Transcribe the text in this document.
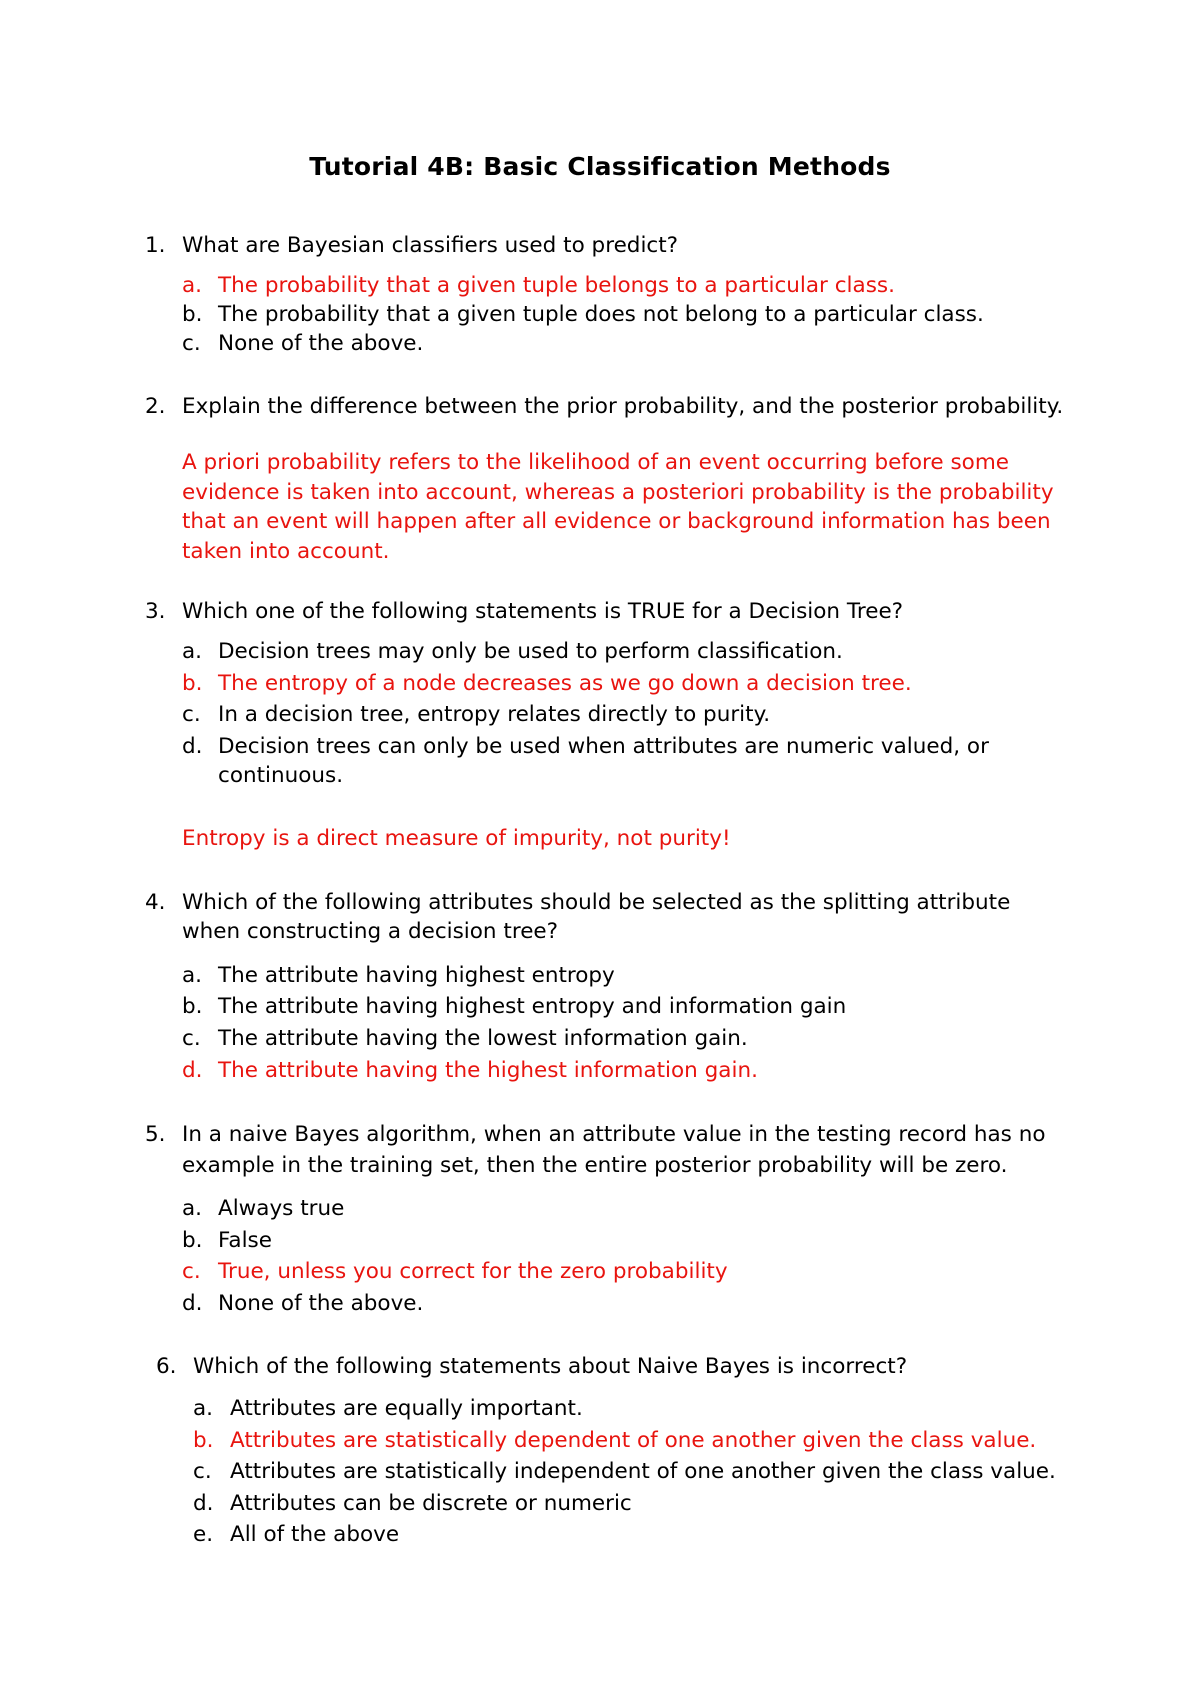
Tutorial 4B: Basic Classification Methods
1. What are Bayesian classifiers used to predict?
a. The probability that a given tuple belongs to a particular class.
b. The probability that a given tuple does not belong to a particular class.
c. None of the above.
2. Explain the difference between the prior probability, and the posterior probability.
A priori probability refers to the likelihood of an event occurring before some
evidence is taken into account, whereas a posteriori probability is the probability
that an event will happen after all evidence or background information has been
taken into account.
3. Which one of the following statements is TRUE for a Decision Tree?
a. Decision trees may only be used to perform classification.
b. The entropy of a node decreases as we go down a decision tree.
c. In a decision tree, entropy relates directly to purity.
d. Decision trees can only be used when attributes are numeric valued, or
continuous.
Entropy is a direct measure of impurity, not purity!
4. Which of the following attributes should be selected as the splitting attribute
when constructing a decision tree?
a. The attribute having highest entropy
b. The attribute having highest entropy and information gain
c. The attribute having the lowest information gain.
d. The attribute having the highest information gain.
5. In a naive Bayes algorithm, when an attribute value in the testing record has no
example in the training set, then the entire posterior probability will be zero.
a. Always true
b. False
c. True, unless you correct for the zero probability
d. None of the above.
6. Which of the following statements about Naive Bayes is incorrect?
a. Attributes are equally important.
b. Attributes are statistically dependent of one another given the class value.
c. Attributes are statistically independent of one another given the class value.
d. Attributes can be discrete or numeric
e. All of the above
